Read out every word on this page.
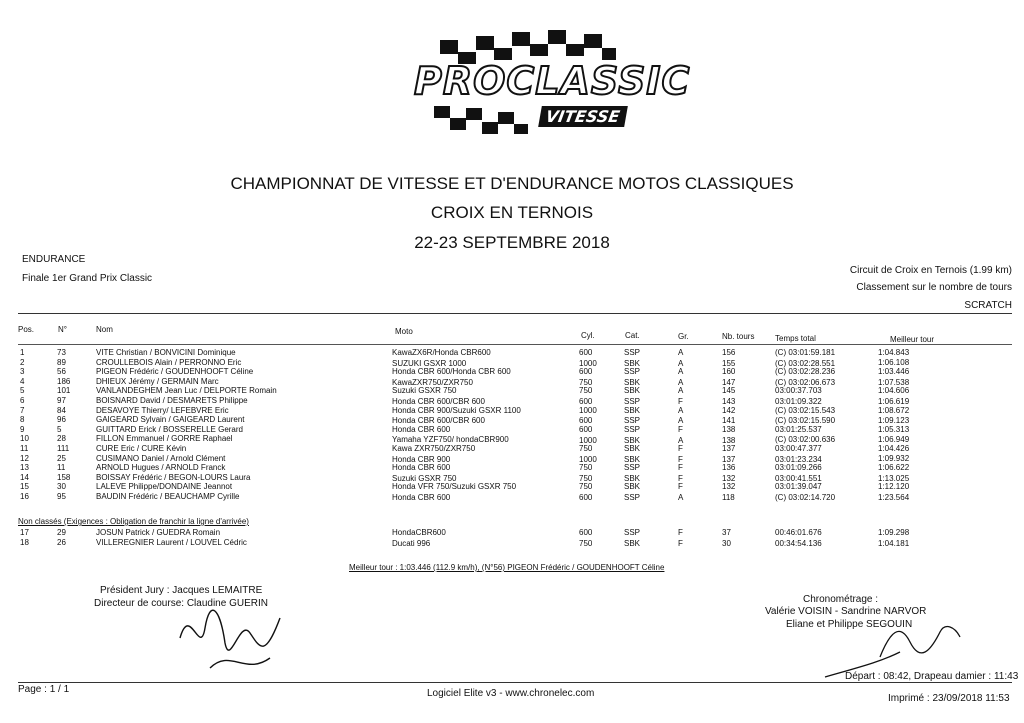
PROCLASSIC
VITESSE
CHAMPIONNAT DE VITESSE ET D'ENDURANCE MOTOS CLASSIQUES
CROIX EN TERNOIS
22-23 SEPTEMBRE 2018
ENDURANCE
Finale 1er Grand Prix Classic
Circuit de Croix en Ternois (1.99 km)
Classement sur le nombre de tours
SCRATCH
Pos.	N°	Nom	Moto	Cyl.	Cat.	Gr.	Nb. tours	Temps total	Meilleur tour
1	73	VITE Christian / BONVICINI Dominique	KawaZX6R/Honda CBR600	600	SSP	A	156	(C) 03:01:59.181	1:04.843
2	89	CROULLEBOIS Alain / PERRONNO Eric	SUZUKI GSXR 1000	1000	SBK	A	155	(C) 03:02:28.551	1:06.108
3	56	PIGEON Frédéric / GOUDENHOOFT Céline	Honda CBR 600/Honda CBR 600	600	SSP	A	160	(C) 03:02:28.236	1:03.446
4	186	DHIEUX Jérémy / GERMAIN Marc	KawaZXR750/ZXR750	750	SBK	A	147	(C) 03:02:06.673	1:07.538
5	101	VANLANDEGHEM Jean Luc / DELPORTE Romain	Suzuki GSXR 750	750	SBK	A	145	03:00:37.703	1:04.606
6	97	BOISNARD David / DESMARETS Philippe	Honda CBR 600/CBR 600	600	SSP	F	143	03:01:09.322	1:06.619
7	84	DESAVOYE Thierry/ LEFEBVRE Eric	Honda CBR 900/Suzuki GSXR 1100	1000	SBK	A	142	(C) 03:02:15.543	1:08.672
8	96	GAIGEARD Sylvain / GAIGEARD Laurent	Honda CBR 600/CBR 600	600	SSP	A	141	(C) 03:02:15.590	1:09.123
9	5	GUITTARD Erick / BOSSERELLE Gerard	Honda CBR 600	600	SSP	F	138	03:01:25.537	1:05.313
10	28	FILLON Emmanuel / GORRE Raphael	Yamaha YZF750/ hondaCBR900	1000	SBK	A	138	(C) 03:02:00.636	1:06.949
11	111	CURE Eric / CURE Kévin	Kawa ZXR750/ZXR750	750	SBK	F	137	03:00:47.377	1:04.426
12	25	CUSIMANO Daniel / Arnold Clément	Honda CBR 900	1000	SBK	F	137	03:01:23.234	1:09.932
13	11	ARNOLD Hugues / ARNOLD Franck	Honda CBR 600	750	SSP	F	136	03:01:09.266	1:06.622
14	158	BOISSAY Frédéric / BEGON-LOURS Laura	Suzuki GSXR 750	750	SBK	F	132	03:00:41.551	1:13.025
15	30	LALEVE Philippe/DONDAINE Jeannot	Honda VFR 750/Suzuki GSXR 750	750	SBK	F	132	03:01:39.047	1:12.120
16	95	BAUDIN Frédéric / BEAUCHAMP Cyrille	Honda CBR 600	600	SSP	A	118	(C) 03:02:14.720	1:23.564
Non classés (Exigences : Obligation de franchir la ligne d'arrivée)
17	29	JOSUN Patrick / GUEDRA Romain	HondaCBR600	600	SSP	F	37	00:46:01.676	1:09.298
18	26	VILLEREGNIER Laurent / LOUVEL Cédric	Ducati 996	750	SBK	F	30	00:34:54.136	1:04.181
Meilleur tour : 1:03.446 (112.9 km/h), (N°56) PIGEON Frédéric / GOUDENHOOFT Céline
Président Jury : Jacques LEMAITRE
Directeur de course: Claudine GUERIN	Chronométrage :
Valérie VOISIN - Sandrine NARVOR
Eliane et Philippe SEGOUIN
Départ : 08:42, Drapeau damier : 11:43
Page : 1 / 1	Logiciel Elite v3 - www.chronelec.com	Imprimé : 23/09/2018 11:53
